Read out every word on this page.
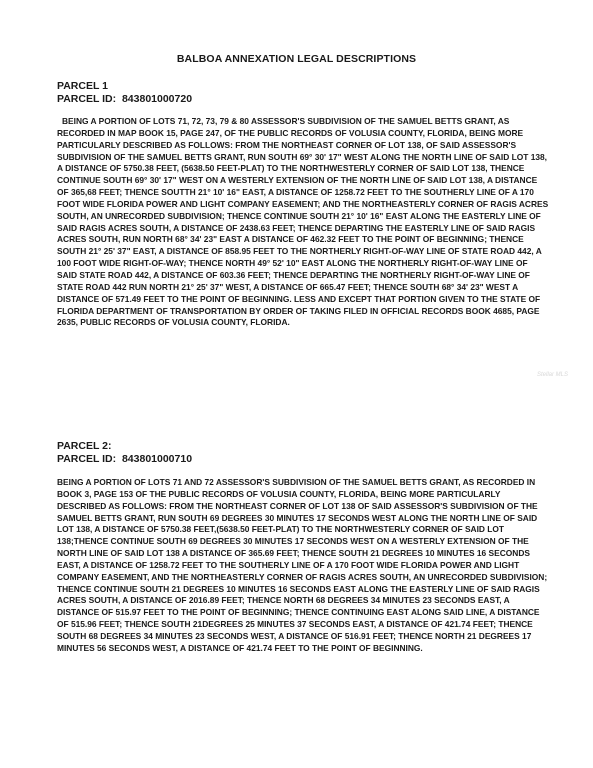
BALBOA ANNEXATION LEGAL DESCRIPTIONS
PARCEL 1
PARCEL ID: 843801000720
BEING A PORTION OF LOTS 71, 72, 73, 79 & 80 ASSESSOR'S SUBDIVISION OF THE SAMUEL BETTS GRANT, AS RECORDED IN MAP BOOK 15, PAGE 247, OF THE PUBLIC RECORDS OF VOLUSIA COUNTY, FLORIDA, BEING MORE PARTICULARLY DESCRIBED AS FOLLOWS: FROM THE NORTHEAST CORNER OF LOT 138, OF SAID ASSESSOR'S SUBDIVISION OF THE SAMUEL BETTS GRANT, RUN SOUTH 69° 30' 17" WEST ALONG THE NORTH LINE OF SAID LOT 138, A DISTANCE OF 5750.38 FEET, (5638.50 FEET-PLAT) TO THE NORTHWESTERLY CORNER OF SAID LOT 138, THENCE CONTINUE SOUTH 69° 30' 17" WEST ON A WESTERLY EXTENSION OF THE NORTH LINE OF SAID LOT 138, A DISTANCE OF 365,68 FEET; THENCE SOUTTH 21° 10' 16" EAST, A DISTANCE OF 1258.72 FEET TO THE SOUTHERLY LINE OF A 170 FOOT WIDE FLORIDA POWER AND LIGHT COMPANY EASEMENT; AND THE NORTHEASTERLY CORNER OF RAGIS ACRES SOUTH, AN UNRECORDED SUBDIVISION; THENCE CONTINUE SOUTH 21° 10' 16" EAST ALONG THE EASTERLY LINE OF SAID RAGIS ACRES SOUTH, A DISTANCE OF 2438.63 FEET; THENCE DEPARTING THE EASTERLY LINE OF SAID RAGIS ACRES SOUTH, RUN NORTH 68° 34' 23" EAST A DISTANCE OF 462.32 FEET TO THE POINT OF BEGINNING; THENCE SOUTH 21° 25' 37" EAST, A DISTANCE OF 858.95 FEET TO THE NORTHERLY RIGHT-OF-WAY LINE OF STATE ROAD 442, A 100 FOOT WIDE RIGHT-OF-WAY; THENCE NORTH 49° 52' 10" EAST ALONG THE NORTHERLY RIGHT-OF-WAY LINE OF SAID STATE ROAD 442, A DISTANCE OF 603.36 FEET; THENCE DEPARTING THE NORTHERLY RIGHT-OF-WAY LINE OF STATE ROAD 442 RUN NORTH 21° 25' 37" WEST, A DISTANCE OF 665.47 FEET; THENCE SOUTH 68° 34' 23" WEST A DISTANCE OF 571.49 FEET TO THE POINT OF BEGINNING. LESS AND EXCEPT THAT PORTION GIVEN TO THE STATE OF FLORIDA DEPARTMENT OF TRANSPORTATION BY ORDER OF TAKING FILED IN OFFICIAL RECORDS BOOK 4685, PAGE 2635, PUBLIC RECORDS OF VOLUSIA COUNTY, FLORIDA.
Stellar MLS
PARCEL 2:
PARCEL ID: 843801000710
BEING A PORTION OF LOTS 71 AND 72 ASSESSOR'S SUBDIVISION OF THE SAMUEL BETTS GRANT, AS RECORDED IN BOOK 3, PAGE 153 OF THE PUBLIC RECORDS OF VOLUSIA COUNTY, FLORIDA, BEING MORE PARTICULARLY DESCRIBED AS FOLLOWS: FROM THE NORTHEAST CORNER OF LOT 138 OF SAID ASSESSOR'S SUBDIVISION OF THE SAMUEL BETTS GRANT, RUN SOUTH 69 DEGREES 30 MINUTES 17 SECONDS WEST ALONG THE NORTH LINE OF SAID LOT 138, A DISTANCE OF 5750.38 FEET,(5638.50 FEET-PLAT) TO THE NORTHWESTERLY CORNER OF SAID LOT 138;THENCE CONTINUE SOUTH 69 DEGREES 30 MINUTES 17 SECONDS WEST ON A WESTERLY EXTENSION OF THE NORTH LINE OF SAID LOT 138 A DISTANCE OF 365.69 FEET; THENCE SOUTH 21 DEGREES 10 MINUTES 16 SECONDS EAST, A DISTANCE OF 1258.72 FEET TO THE SOUTHERLY LINE OF A 170 FOOT WIDE FLORIDA POWER AND LIGHT COMPANY EASEMENT, AND THE NORTHEASTERLY CORNER OF RAGIS ACRES SOUTH, AN UNRECORDED SUBDIVISION; THENCE CONTINUE SOUTH 21 DEGREES 10 MINUTES 16 SECONDS EAST ALONG THE EASTERLY LINE OF SAID RAGIS ACRES SOUTH, A DISTANCE OF 2016.89 FEET; THENCE NORTH 68 DEGREES 34 MINUTES 23 SECONDS EAST, A DISTANCE OF 515.97 FEET TO THE POINT OF BEGINNING; THENCE CONTINUING EAST ALONG SAID LINE, A DISTANCE OF 515.96 FEET; THENCE SOUTH 21DEGREES 25 MINUTES 37 SECONDS EAST, A DISTANCE OF 421.74 FEET; THENCE SOUTH 68 DEGREES 34 MINUTES 23 SECONDS WEST, A DISTANCE OF 516.91 FEET; THENCE NORTH 21 DEGREES 17 MINUTES 56 SECONDS WEST, A DISTANCE OF 421.74 FEET TO THE POINT OF BEGINNING.
